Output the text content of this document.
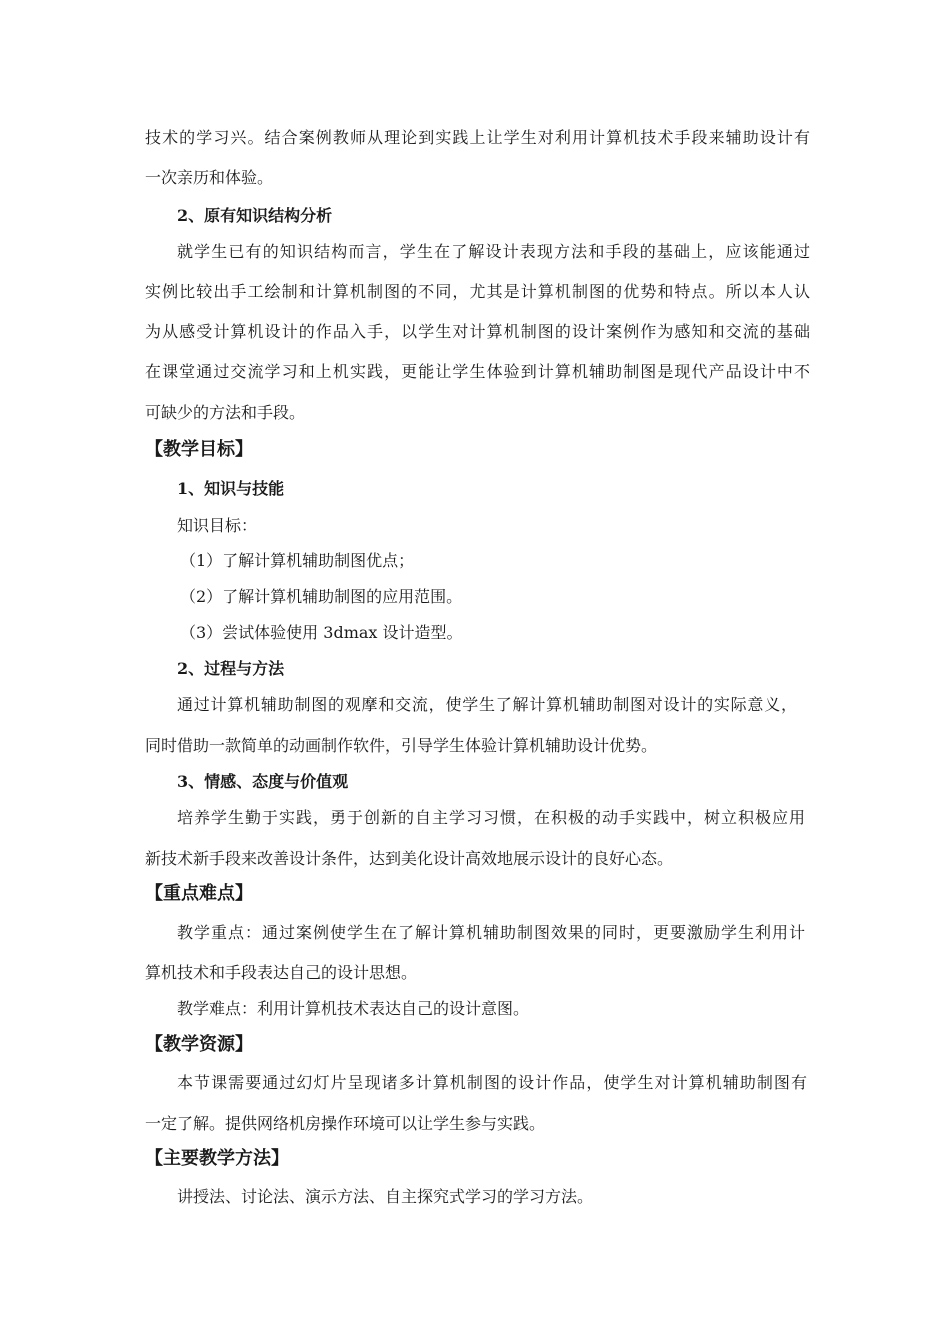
技术的学习兴。结合案例教师从理论到实践上让学生对利用计算机技术手段来辅助设计有
一次亲历和体验。
2、原有知识结构分析
就学生已有的知识结构而言，学生在了解设计表现方法和手段的基础上，应该能通过
实例比较出手工绘制和计算机制图的不同，尤其是计算机制图的优势和特点。所以本人认
为从感受计算机设计的作品入手，以学生对计算机制图的设计案例作为感知和交流的基础
在课堂通过交流学习和上机实践，更能让学生体验到计算机辅助制图是现代产品设计中不
可缺少的方法和手段。
【教学目标】
1、知识与技能
知识目标：
（1）了解计算机辅助制图优点；
（2）了解计算机辅助制图的应用范围。
（3）尝试体验使用 3dmax 设计造型。
2、过程与方法
通过计算机辅助制图的观摩和交流，使学生了解计算机辅助制图对设计的实际意义，
同时借助一款简单的动画制作软件，引导学生体验计算机辅助设计优势。
3、情感、态度与价值观
培养学生勤于实践，勇于创新的自主学习习惯，在积极的动手实践中，树立积极应用
新技术新手段来改善设计条件，达到美化设计高效地展示设计的良好心态。
【重点难点】
教学重点：通过案例使学生在了解计算机辅助制图效果的同时，更要激励学生利用计
算机技术和手段表达自己的设计思想。
教学难点：利用计算机技术表达自己的设计意图。
【教学资源】
本节课需要通过幻灯片呈现诸多计算机制图的设计作品，使学生对计算机辅助制图有
一定了解。提供网络机房操作环境可以让学生参与实践。
【主要教学方法】
讲授法、讨论法、演示方法、自主探究式学习的学习方法。
